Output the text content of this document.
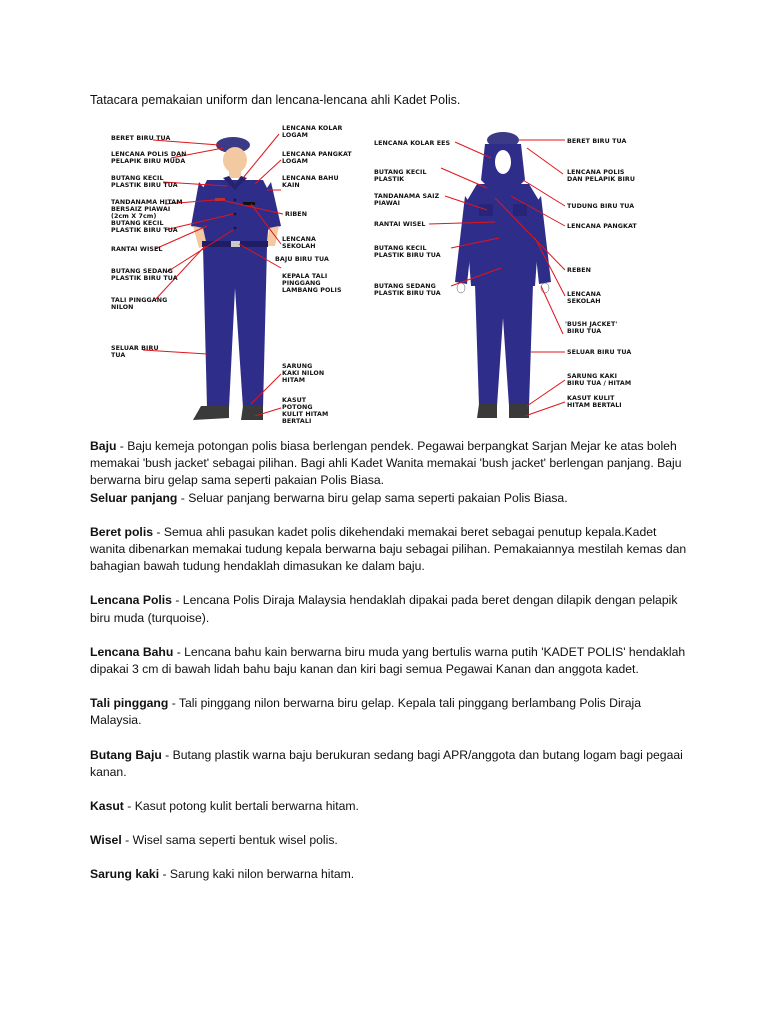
Tatacara pemakaian uniform dan lencana-lencana ahli Kadet Polis.
BERET BIRU TUA
LENCANA POLIS DAN
PELAPIK BIRU MUDA
BUTANG KECIL
PLASTIK BIRU TUA
TANDANAMA HITAM
BERSAIZ PIAWAI
(2cm X 7cm)
BUTANG KECIL
PLASTIK BIRU TUA
RANTAI WISEL
BUTANG SEDANG
PLASTIK BIRU TUA
TALI PINGGANG
NILON
SELUAR BIRU
TUA
LENCANA KOLAR
LOGAM
LENCANA PANGKAT
LOGAM
LENCANA BAHU
KAIN
RIBEN
LENCANA
SEKOLAH
BAJU BIRU TUA
KEPALA TALI
PINGGANG
LAMBANG POLIS
SARUNG
KAKI NILON
HITAM
KASUT
POTONG
KULIT HITAM
BERTALI
LENCANA KOLAR EES
BUTANG KECIL
PLASTIK
TANDANAMA SAIZ
PIAWAI
RANTAI WISEL
BUTANG KECIL
PLASTIK BIRU TUA
BUTANG SEDANG
PLASTIK BIRU TUA
BERET BIRU TUA
LENCANA POLIS
DAN PELAPIK BIRU
TUDUNG BIRU TUA
LENCANA PANGKAT
REBEN
LENCANA
SEKOLAH
'BUSH JACKET'
BIRU TUA
SELUAR BIRU TUA
SARUNG KAKI
BIRU TUA / HITAM
KASUT KULIT
HITAM BERTALI

Baju - Baju kemeja potongan polis biasa berlengan pendek. Pegawai berpangkat Sarjan Mejar ke atas boleh memakai 'bush jacket' sebagai pilihan. Bagi ahli Kadet Wanita memakai 'bush jacket' berlengan panjang. Baju berwarna biru gelap sama seperti pakaian Polis Biasa.

Seluar panjang - Seluar panjang berwarna biru gelap sama seperti pakaian Polis Biasa.

Beret polis - Semua ahli pasukan kadet polis dikehendaki memakai beret sebagai penutup kepala.Kadet wanita dibenarkan memakai tudung kepala berwarna baju sebagai pilihan. Pemakaiannya mestilah kemas dan bahagian bawah tudung hendaklah dimasukan ke dalam baju.

Lencana Polis - Lencana Polis Diraja Malaysia hendaklah dipakai pada beret dengan dilapik dengan pelapik biru muda (turquoise).

Lencana Bahu - Lencana bahu kain berwarna biru muda yang bertulis warna putih 'KADET POLIS' hendaklah dipakai 3 cm di bawah lidah bahu baju kanan dan kiri bagi semua Pegawai Kanan dan anggota kadet.

Tali pinggang - Tali pinggang nilon berwarna biru gelap. Kepala tali pinggang berlambang Polis Diraja Malaysia.

Butang Baju - Butang plastik warna baju berukuran sedang bagi APR/anggota dan butang logam bagi pegaai kanan.

Kasut - Kasut potong kulit bertali berwarna hitam.

Wisel - Wisel sama seperti bentuk wisel polis.

Sarung kaki - Sarung kaki nilon berwarna hitam.
